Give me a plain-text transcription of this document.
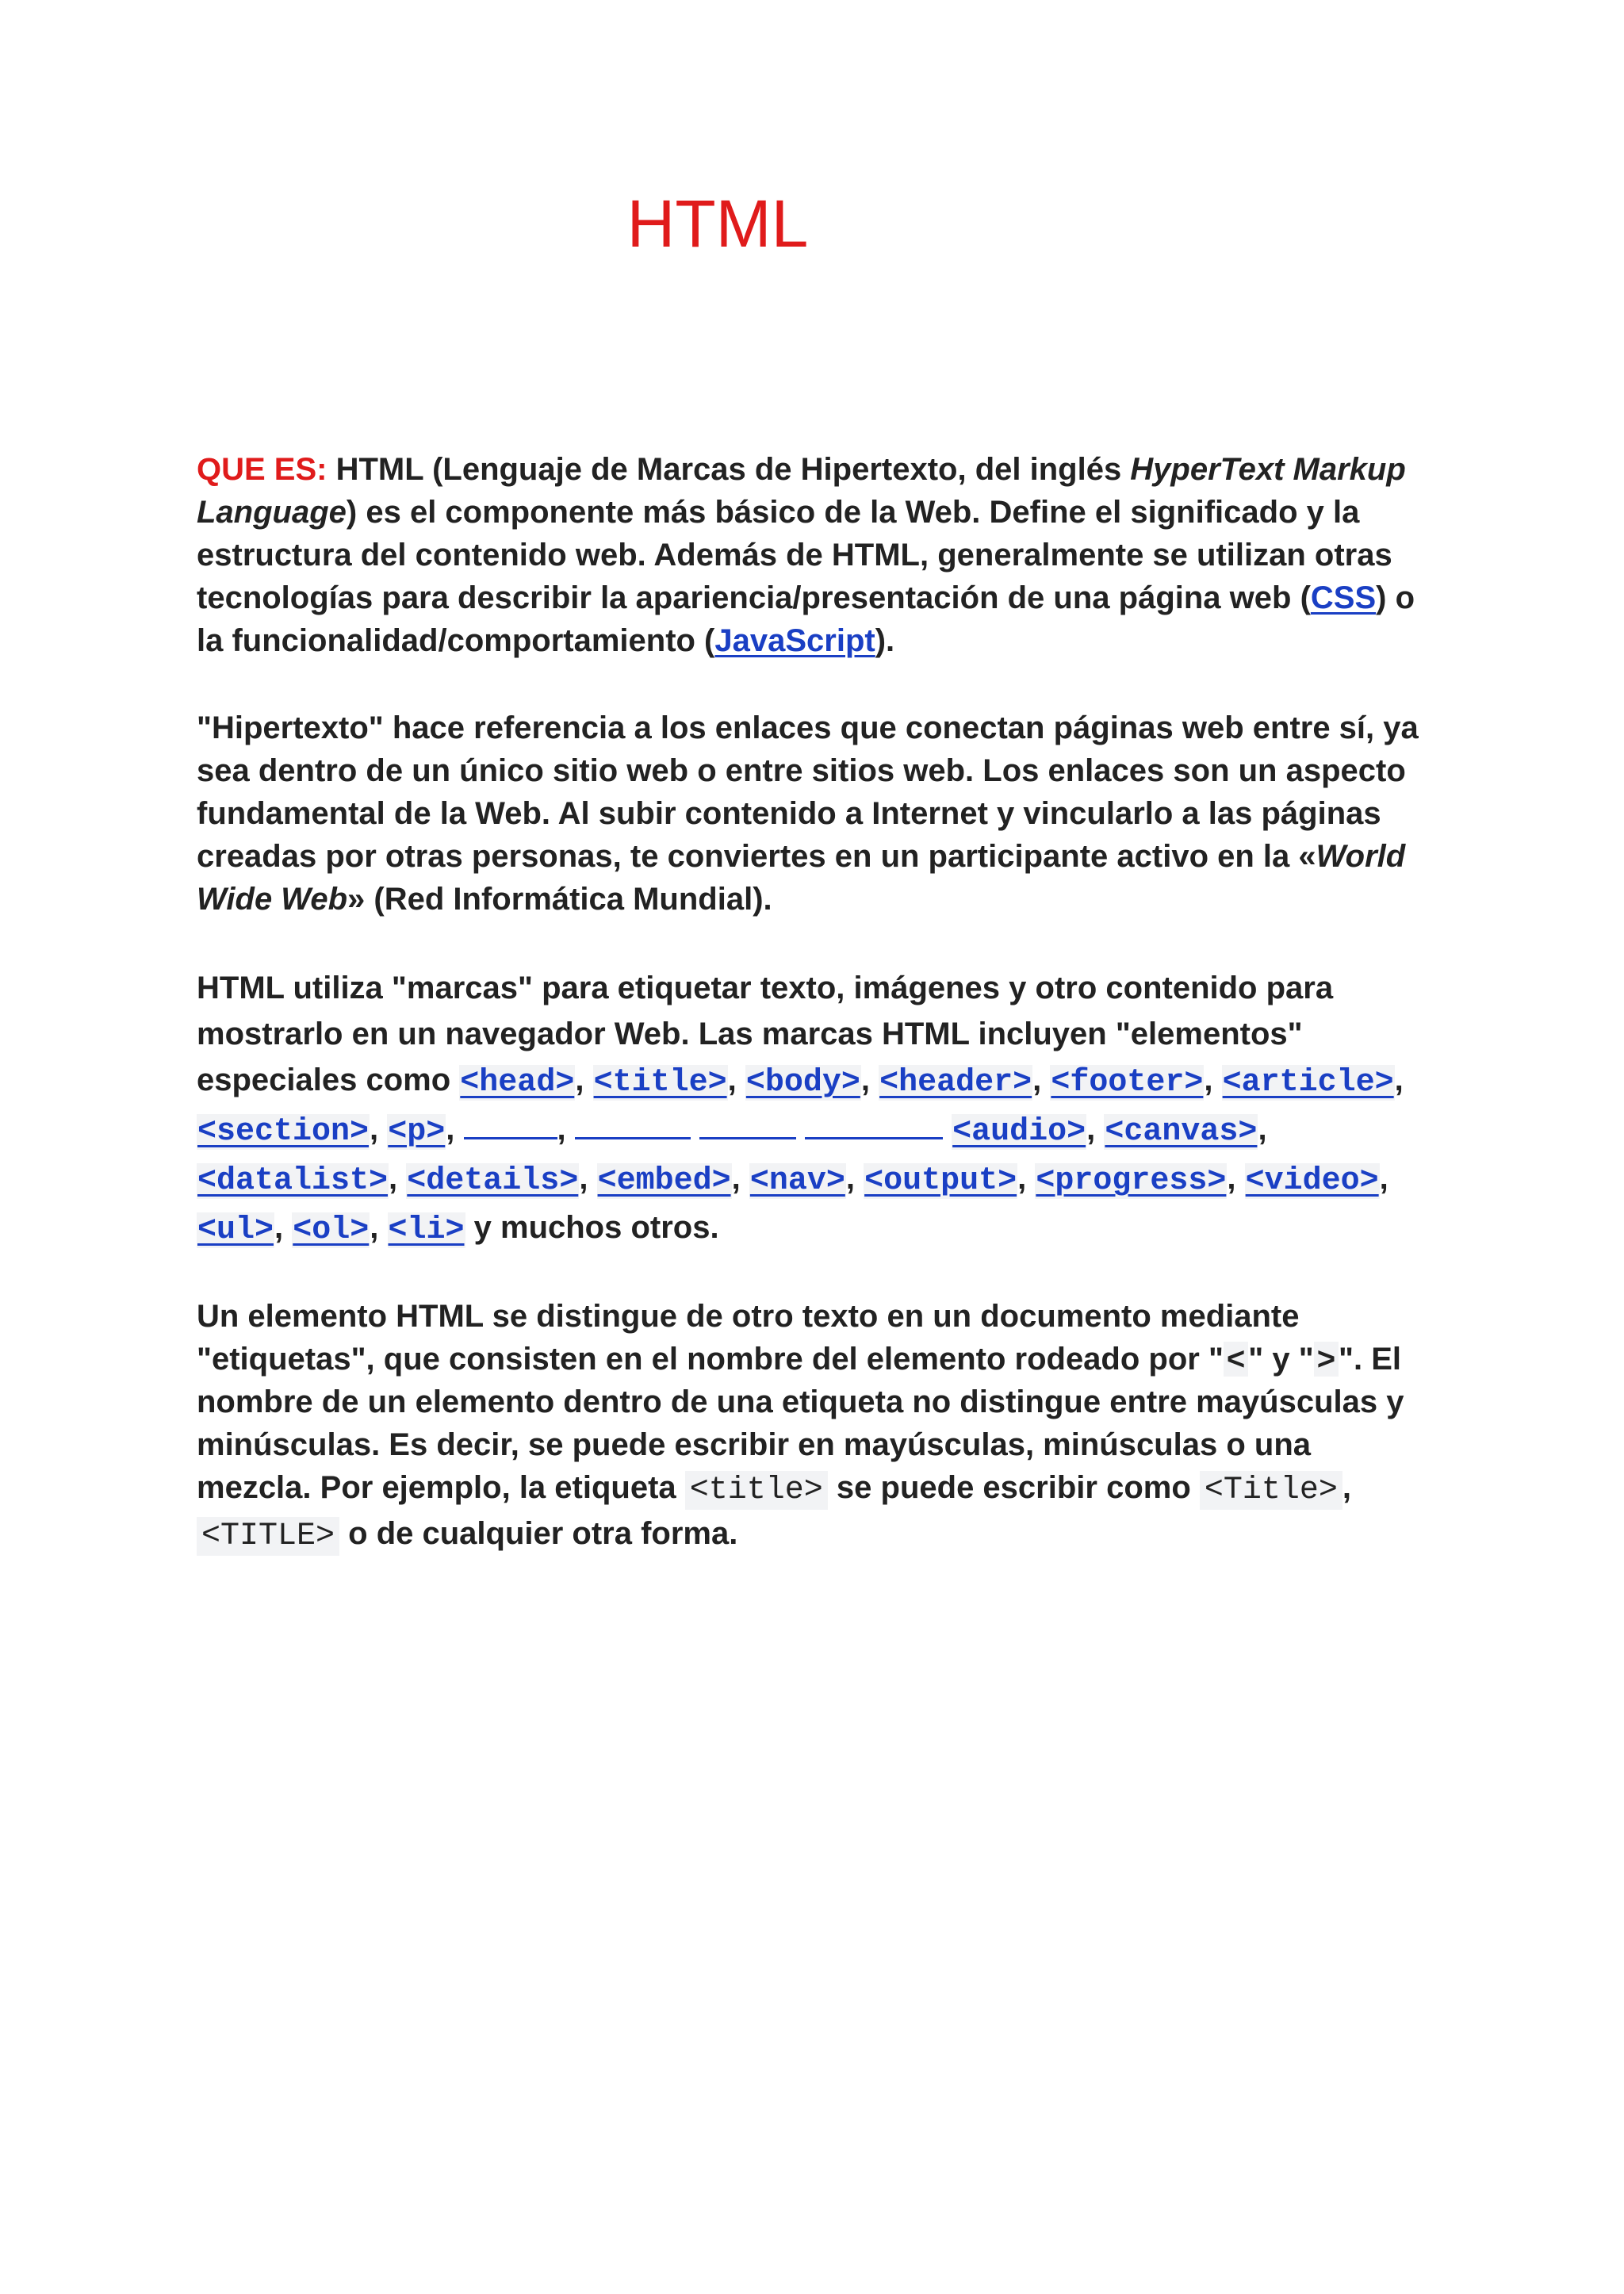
HTML

QUE ES: HTML (Lenguaje de Marcas de Hipertexto, del inglés HyperText Markup Language) es el componente más básico de la Web. Define el significado y la estructura del contenido web. Además de HTML, generalmente se utilizan otras tecnologías para describir la apariencia/presentación de una página web (CSS) o la funcionalidad/comportamiento (JavaScript).

"Hipertexto" hace referencia a los enlaces que conectan páginas web entre sí, ya sea dentro de un único sitio web o entre sitios web. Los enlaces son un aspecto fundamental de la Web. Al subir contenido a Internet y vincularlo a las páginas creadas por otras personas, te conviertes en un participante activo en la «World Wide Web» (Red Informática Mundial).

HTML utiliza "marcas" para etiquetar texto, imágenes y otro contenido para mostrarlo en un navegador Web. Las marcas HTML incluyen "elementos" especiales como <head>, <title>, <body>, <header>, <footer>, <article>, <section>, <p>,	,	<audio>, <canvas>, <datalist>, <details>, <embed>, <nav>, <output>, <progress>, <video>, <ul>, <ol>, <li> y muchos otros.

Un elemento HTML se distingue de otro texto en un documento mediante "etiquetas", que consisten en el nombre del elemento rodeado por " < " y " > ". El nombre de un elemento dentro de una etiqueta no distingue entre mayúsculas y minúsculas. Es decir, se puede escribir en mayúsculas, minúsculas o una mezcla. Por ejemplo, la etiqueta <title> se puede escribir como <Title> , <TITLE> o de cualquier otra forma.
